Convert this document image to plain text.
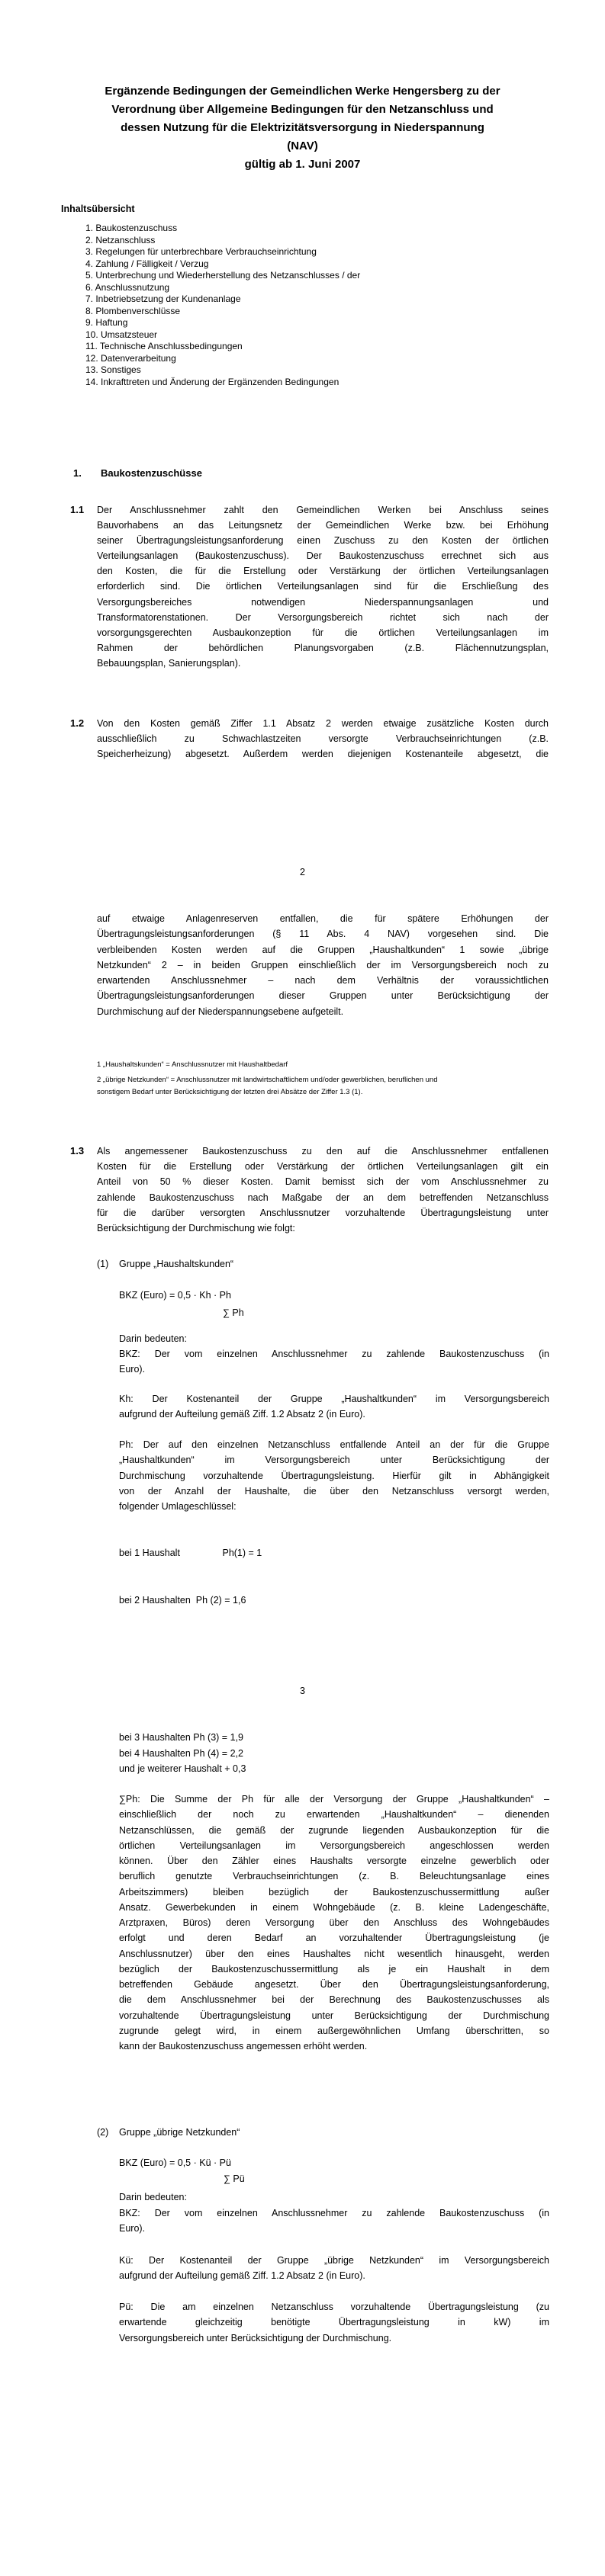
Ergänzende Bedingungen der Gemeindlichen Werke Hengersberg zu der
Verordnung über Allgemeine Bedingungen für den Netzanschluss und
dessen Nutzung für die Elektrizitätsversorgung in Niederspannung
(NAV)
gültig ab 1. Juni 2007
Inhaltsübersicht
1. Baukostenzuschuss
2. Netzanschluss
3. Regelungen für unterbrechbare Verbrauchseinrichtung
4. Zahlung / Fälligkeit / Verzug
5. Unterbrechung und Wiederherstellung des Netzanschlusses / der
6. Anschlussnutzung
7. Inbetriebsetzung der Kundenanlage
8. Plombenverschlüsse
9. Haftung
10. Umsatzsteuer
11. Technische Anschlussbedingungen
12. Datenverarbeitung
13. Sonstiges
14. Inkrafttreten und Änderung der Ergänzenden Bedingungen
1. Baukostenzuschüsse
1.1 Der Anschlussnehmer zahlt den Gemeindlichen Werken bei Anschluss seines
Bauvorhabens an das Leitungsnetz der Gemeindlichen Werke bzw. bei Erhöhung
seiner Übertragungsleistungsanforderung einen Zuschuss zu den Kosten der örtlichen
Verteilungsanlagen (Baukostenzuschuss). Der Baukostenzuschuss errechnet sich aus
den Kosten, die für die Erstellung oder Verstärkung der örtlichen Verteilungsanlagen
erforderlich sind. Die örtlichen Verteilungsanlagen sind für die Erschließung des
Versorgungsbereiches notwendigen Niederspannungsanlagen und
Transformatorenstationen. Der Versorgungsbereich richtet sich nach der
vorsorgungsgerechten Ausbaukonzeption für die örtlichen Verteilungsanlagen im
Rahmen der behördlichen Planungsvorgaben (z.B. Flächennutzungsplan,
Bebauungsplan, Sanierungsplan).
1.2 Von den Kosten gemäß Ziffer 1.1 Absatz 2 werden etwaige zusätzliche Kosten durch
ausschließlich zu Schwachlastzeiten versorgte Verbrauchseinrichtungen (z.B.
Speicherheizung) abgesetzt. Außerdem werden diejenigen Kostenanteile abgesetzt, die
2
auf etwaige Anlagenreserven entfallen, die für spätere Erhöhungen der
Übertragungsleistungsanforderungen (§ 11 Abs. 4 NAV) vorgesehen sind. Die
verbleibenden Kosten werden auf die Gruppen „Haushaltkunden“ 1 sowie „übrige
Netzkunden“ 2 – in beiden Gruppen einschließlich der im Versorgungsbereich noch zu
erwartenden Anschlussnehmer – nach dem Verhältnis der voraussichtlichen
Übertragungsleistungsanforderungen dieser Gruppen unter Berücksichtigung der
Durchmischung auf der Niederspannungsebene aufgeteilt.
1 „Haushaltskunden“ = Anschlussnutzer mit Haushaltbedarf
2 „übrige Netzkunden“ = Anschlussnutzer mit landwirtschaftlichem und/oder gewerblichen, beruflichen und
sonstigem Bedarf unter Berücksichtigung der letzten drei Absätze der Ziffer 1.3 (1).
1.3 Als angemessener Baukostenzuschuss zu den auf die Anschlussnehmer entfallenen
Kosten für die Erstellung oder Verstärkung der örtlichen Verteilungsanlagen gilt ein
Anteil von 50 % dieser Kosten. Damit bemisst sich der vom Anschlussnehmer zu
zahlende Baukostenzuschuss nach Maßgabe der an dem betreffenden Netzanschluss
für die darüber versorgten Anschlussnutzer vorzuhaltende Übertragungsleistung unter
Berücksichtigung der Durchmischung wie folgt:
(1) Gruppe „Haushaltskunden“
BKZ (Euro) = 0,5 · Kh · Ph
∑ Ph
Darin bedeuten:
BKZ: Der vom einzelnen Anschlussnehmer zu zahlende Baukostenzuschuss (in
Euro).
Kh: Der Kostenanteil der Gruppe „Haushaltkunden“ im Versorgungsbereich
aufgrund der Aufteilung gemäß Ziff. 1.2 Absatz 2 (in Euro).
Ph: Der auf den einzelnen Netzanschluss entfallende Anteil an der für die Gruppe
„Haushaltkunden“ im Versorgungsbereich unter Berücksichtigung der
Durchmischung vorzuhaltende Übertragungsleistung. Hierfür gilt in Abhängigkeit
von der Anzahl der Haushalte, die über den Netzanschluss versorgt werden,
folgender Umlageschlüssel:

bei 1 Haushalt                Ph(1) = 1

bei 2 Haushalten  Ph (2) = 1,6

3
bei 3 Haushalten Ph (3) = 1,9
bei 4 Haushalten Ph (4) = 2,2
und je weiterer Haushalt + 0,3
∑Ph: Die Summe der Ph für alle der Versorgung der Gruppe „Haushaltkunden“ –
einschließlich der noch zu erwartenden „Haushaltkunden“ – dienenden
Netzanschlüssen, die gemäß der zugrunde liegenden Ausbaukonzeption für die
örtlichen Verteilungsanlagen im Versorgungsbereich angeschlossen werden
können. Über den Zähler eines Haushalts versorgte einzelne gewerblich oder
beruflich genutzte Verbrauchseinrichtungen (z. B. Beleuchtungsanlage eines
Arbeitszimmers) bleiben bezüglich der Baukostenzuschussermittlung außer
Ansatz. Gewerbekunden in einem Wohngebäude (z. B. kleine Ladengeschäfte,
Arztpraxen, Büros) deren Versorgung über den Anschluss des Wohngebäudes
erfolgt und deren Bedarf an vorzuhaltender Übertragungsleistung (je
Anschlussnutzer) über den eines Haushaltes nicht wesentlich hinausgeht, werden
bezüglich der Baukostenzuschussermittlung als je ein Haushalt in dem
betreffenden Gebäude angesetzt. Über den Übertragungsleistungsanforderung,
die dem Anschlussnehmer bei der Berechnung des Baukostenzuschusses als
vorzuhaltende Übertragungsleistung unter Berücksichtigung der Durchmischung
zugrunde gelegt wird, in einem außergewöhnlichen Umfang überschritten, so
kann der Baukostenzuschuss angemessen erhöht werden.
(2) Gruppe „übrige Netzkunden“
BKZ (Euro) = 0,5 · Kü · Pü
∑ Pü
Darin bedeuten:
BKZ: Der vom einzelnen Anschlussnehmer zu zahlende Baukostenzuschuss (in
Euro).
Kü: Der Kostenanteil der Gruppe „übrige Netzkunden“ im Versorgungsbereich
aufgrund der Aufteilung gemäß Ziff. 1.2 Absatz 2 (in Euro).
Pü: Die am einzelnen Netzanschluss vorzuhaltende Übertragungsleistung (zu
erwartende gleichzeitig benötigte Übertragungsleistung in kW) im
Versorgungsbereich unter Berücksichtigung der Durchmischung.
